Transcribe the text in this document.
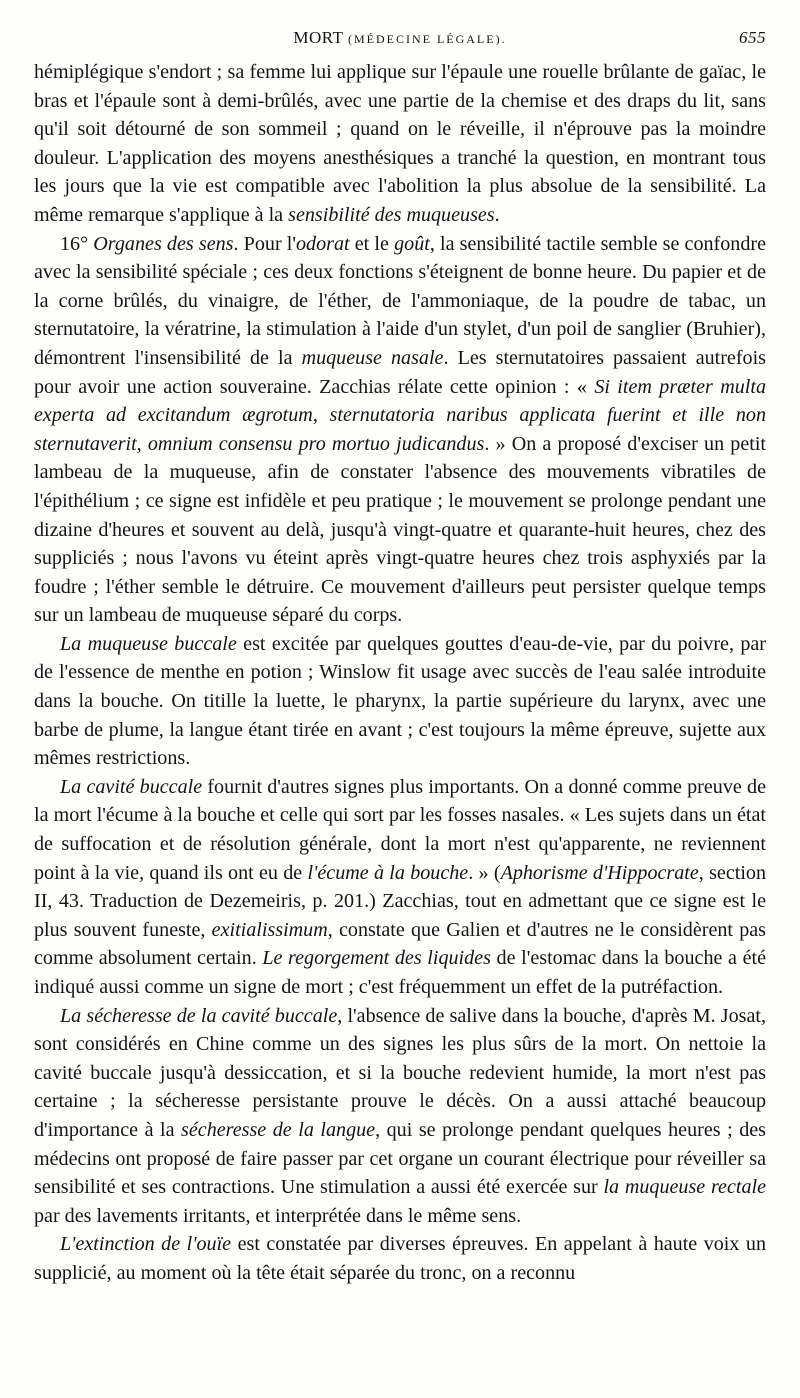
MORT (MÉDECINE LÉGALE).	655

hémiplégique s'endort ; sa femme lui applique sur l'épaule une rouelle brûlante de gaïac, le bras et l'épaule sont à demi-brûlés, avec une partie de la chemise et des draps du lit, sans qu'il soit détourné de son sommeil ; quand on le réveille, il n'éprouve pas la moindre douleur. L'application des moyens anesthésiques a tranché la question, en montrant tous les jours que la vie est compatible avec l'abolition la plus absolue de la sensibilité. La même remarque s'applique à la sensibilité des muqueuses.

16° Organes des sens. Pour l'odorat et le goût, la sensibilité tactile semble se confondre avec la sensibilité spéciale ; ces deux fonctions s'éteignent de bonne heure. Du papier et de la corne brûlés, du vinaigre, de l'éther, de l'ammoniaque, de la poudre de tabac, un sternutatoire, la vératrine, la stimulation à l'aide d'un stylet, d'un poil de sanglier (Bruhier), démontrent l'insensibilité de la muqueuse nasale. Les sternutatoires passaient autrefois pour avoir une action souveraine. Zacchias rélate cette opinion : « Si item præter multa experta ad excitandum ægrotum, sternutatoria naribus applicata fuerint et ille non sternutaverit, omnium consensu pro mortuo judicandus. » On a proposé d'exciser un petit lambeau de la muqueuse, afin de constater l'absence des mouvements vibratiles de l'épithélium ; ce signe est infidèle et peu pratique ; le mouvement se prolonge pendant une dizaine d'heures et souvent au delà, jusqu'à vingt-quatre et quarante-huit heures, chez des suppliciés ; nous l'avons vu éteint après vingt-quatre heures chez trois asphyxiés par la foudre ; l'éther semble le détruire. Ce mouvement d'ailleurs peut persister quelque temps sur un lambeau de muqueuse séparé du corps.

La muqueuse buccale est excitée par quelques gouttes d'eau-de-vie, par du poivre, par de l'essence de menthe en potion ; Winslow fit usage avec succès de l'eau salée introduite dans la bouche. On titille la luette, le pharynx, la partie supérieure du larynx, avec une barbe de plume, la langue étant tirée en avant ; c'est toujours la même épreuve, sujette aux mêmes restrictions.

La cavité buccale fournit d'autres signes plus importants. On a donné comme preuve de la mort l'écume à la bouche et celle qui sort par les fosses nasales. « Les sujets dans un état de suffocation et de résolution générale, dont la mort n'est qu'apparente, ne reviennent point à la vie, quand ils ont eu de l'écume à la bouche. » (Aphorisme d'Hippocrate, section II, 43. Traduction de Dezemeiris, p. 201.) Zacchias, tout en admettant que ce signe est le plus souvent funeste, exitialissimum, constate que Galien et d'autres ne le considèrent pas comme absolument certain. Le regorgement des liquides de l'estomac dans la bouche a été indiqué aussi comme un signe de mort ; c'est fréquemment un effet de la putréfaction.

La sécheresse de la cavité buccale, l'absence de salive dans la bouche, d'après M. Josat, sont considérés en Chine comme un des signes les plus sûrs de la mort. On nettoie la cavité buccale jusqu'à dessiccation, et si la bouche redevient humide, la mort n'est pas certaine ; la sécheresse persistante prouve le décès. On a aussi attaché beaucoup d'importance à la sécheresse de la langue, qui se prolonge pendant quelques heures ; des médecins ont proposé de faire passer par cet organe un courant électrique pour réveiller sa sensibilité et ses contractions. Une stimulation a aussi été exercée sur la muqueuse rectale par des lavements irritants, et interprétée dans le même sens.

L'extinction de l'ouïe est constatée par diverses épreuves. En appelant à haute voix un supplicié, au moment où la tête était séparée du tronc, on a reconnu
